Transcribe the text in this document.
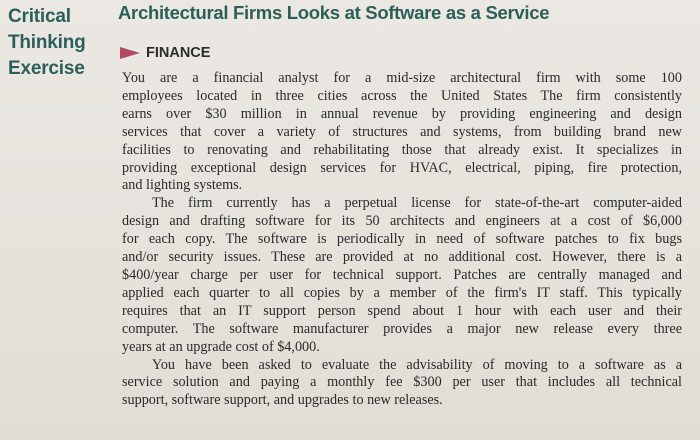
Critical
Thinking
Exercise
Architectural Firms Looks at Software as a Service
FINANCE
You are a financial analyst for a mid-size architectural firm with some 100
employees located in three cities across the United States The firm consistently
earns over $30 million in annual revenue by providing engineering and design
services that cover a variety of structures and systems, from building brand new
facilities to renovating and rehabilitating those that already exist. It specializes in
providing exceptional design services for HVAC, electrical, piping, fire protection,
and lighting systems.
The firm currently has a perpetual license for state-of-the-art computer-aided
design and drafting software for its 50 architects and engineers at a cost of $6,000
for each copy. The software is periodically in need of software patches to fix bugs
and/or security issues. These are provided at no additional cost. However, there is a
$400/year charge per user for technical support. Patches are centrally managed and
applied each quarter to all copies by a member of the firm's IT staff. This typically
requires that an IT support person spend about 1 hour with each user and their
computer. The software manufacturer provides a major new release every three
years at an upgrade cost of $4,000.
You have been asked to evaluate the advisability of moving to a software as a
service solution and paying a monthly fee $300 per user that includes all technical
support, software support, and upgrades to new releases.
